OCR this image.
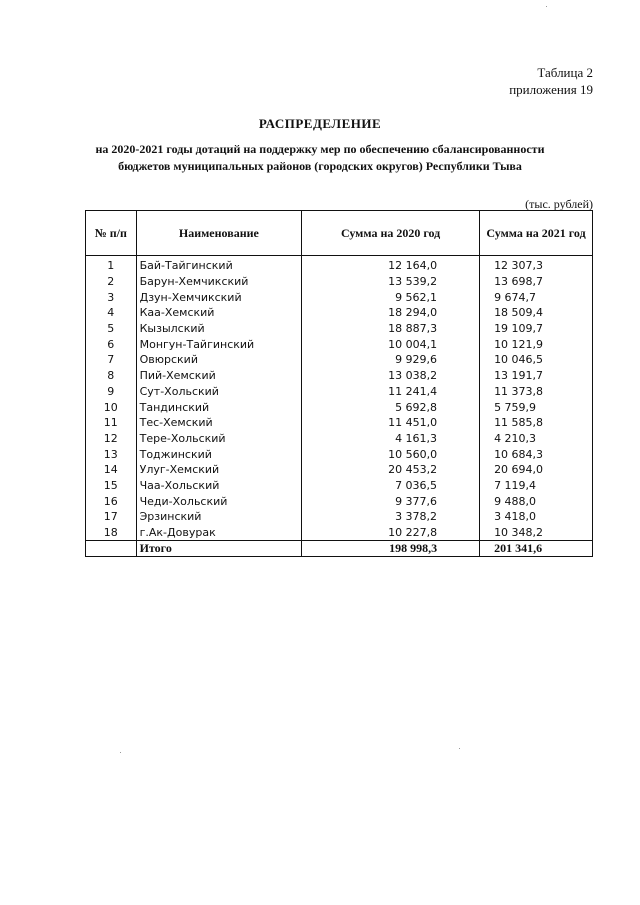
Таблица 2
приложения 19
РАСПРЕДЕЛЕНИЕ
на 2020-2021 годы дотаций на поддержку мер по обеспечению сбалансированности
бюджетов муниципальных районов (городских округов) Республики Тыва
(тыс. рублей)
№ п/п	Наименование	Сумма на 2020 год	Сумма на 2021 год
1	Бай-Тайгинский	12 164,0	12 307,3
2	Барун-Хемчикский	13 539,2	13 698,7
3	Дзун-Хемчикский	9 562,1	9 674,7
4	Каа-Хемский	18 294,0	18 509,4
5	Кызылский	18 887,3	19 109,7
6	Монгун-Тайгинский	10 004,1	10 121,9
7	Овюрский	9 929,6	10 046,5
8	Пий-Хемский	13 038,2	13 191,7
9	Сут-Хольский	11 241,4	11 373,8
10	Тандинский	5 692,8	5 759,9
11	Тес-Хемский	11 451,0	11 585,8
12	Тере-Хольский	4 161,3	4 210,3
13	Тоджинский	10 560,0	10 684,3
14	Улуг-Хемский	20 453,2	20 694,0
15	Чаа-Хольский	7 036,5	7 119,4
16	Чеди-Хольский	9 377,6	9 488,0
17	Эрзинский	3 378,2	3 418,0
18	г.Ак-Довурак	10 227,8	10 348,2
	Итого	198 998,3	201 341,6
